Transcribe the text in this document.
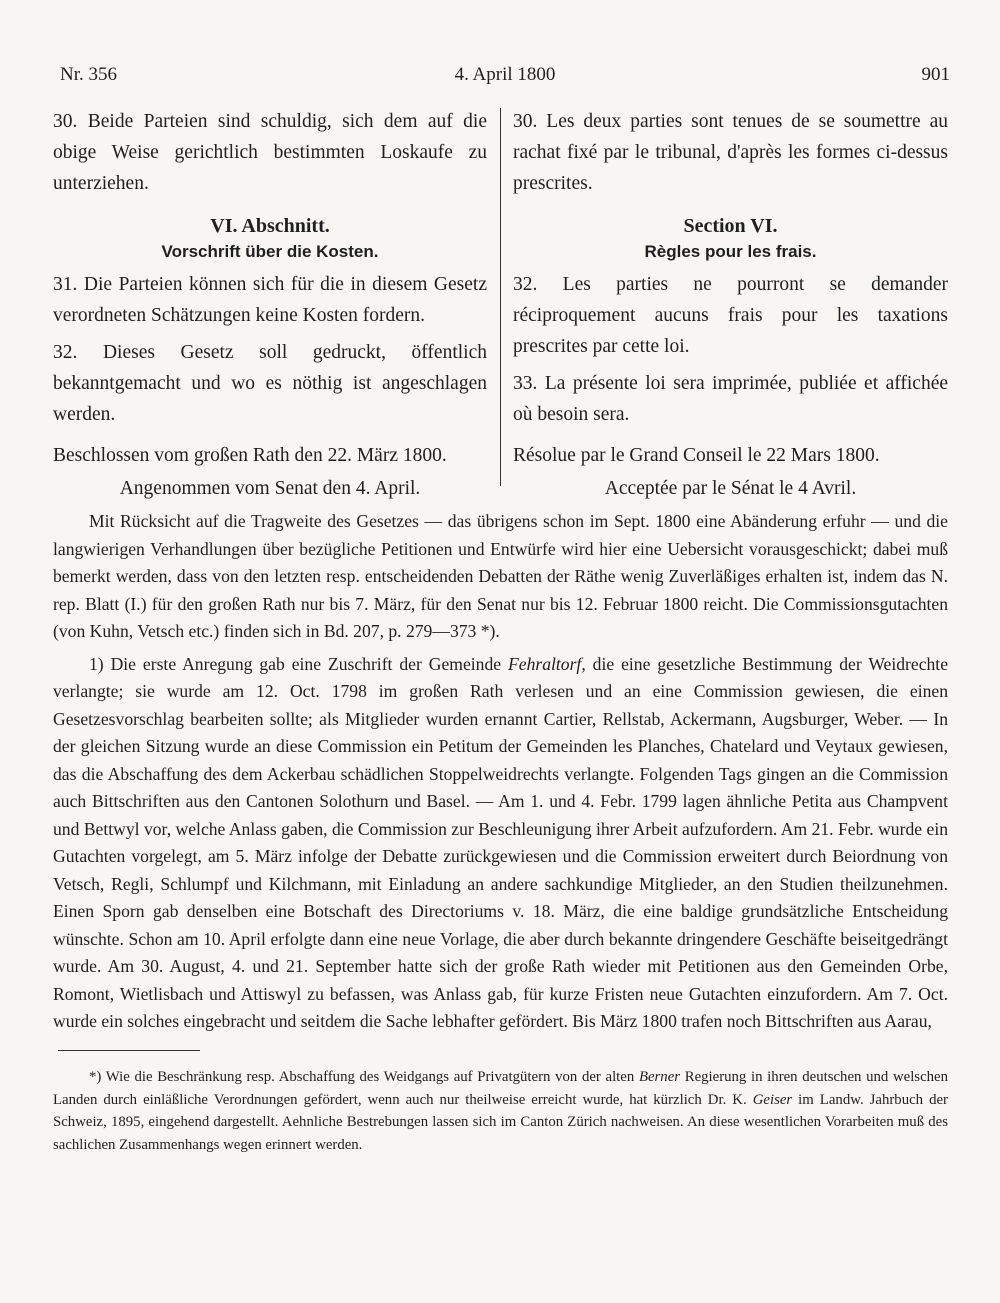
Nr. 356	4. April 1800	901

30. Beide Parteien sind schuldig, sich dem auf die obige Weise gerichtlich bestimmten Loskaufe zu unterziehen.

VI. Abschnitt.
Vorschrift über die Kosten.

31. Die Parteien können sich für die in diesem Gesetz verordneten Schätzungen keine Kosten fordern.

32. Dieses Gesetz soll gedruckt, öffentlich bekanntgemacht und wo es nöthig ist angeschlagen werden.

Beschlossen vom großen Rath den 22. März 1800.

Angenommen vom Senat den 4. April.

30. Les deux parties sont tenues de se soumettre au rachat fixé par le tribunal, d'après les formes ci-dessus prescrites.

Section VI.
Règles pour les frais.

32. Les parties ne pourront se demander réciproquement aucuns frais pour les taxations prescrites par cette loi.

33. La présente loi sera imprimée, publiée et affichée où besoin sera.

Résolue par le Grand Conseil le 22 Mars 1800.

Acceptée par le Sénat le 4 Avril.

Mit Rücksicht auf die Tragweite des Gesetzes — das übrigens schon im Sept. 1800 eine Abänderung erfuhr — und die langwierigen Verhandlungen über bezügliche Petitionen und Entwürfe wird hier eine Uebersicht vorausgeschickt; dabei muß bemerkt werden, dass von den letzten resp. entscheidenden Debatten der Räthe wenig Zuverläßiges erhalten ist, indem das N. rep. Blatt (I.) für den großen Rath nur bis 7. März, für den Senat nur bis 12. Februar 1800 reicht. Die Commissionsgutachten (von Kuhn, Vetsch etc.) finden sich in Bd. 207, p. 279—373 *).

1) Die erste Anregung gab eine Zuschrift der Gemeinde Fehraltorf, die eine gesetzliche Bestimmung der Weidrechte verlangte; sie wurde am 12. Oct. 1798 im großen Rath verlesen und an eine Commission gewiesen, die einen Gesetzesvorschlag bearbeiten sollte; als Mitglieder wurden ernannt Cartier, Rellstab, Ackermann, Augsburger, Weber. — In der gleichen Sitzung wurde an diese Commission ein Petitum der Gemeinden les Planches, Chatelard und Veytaux gewiesen, das die Abschaffung des dem Ackerbau schädlichen Stoppelweidrechts verlangte. Folgenden Tags gingen an die Commission auch Bittschriften aus den Cantonen Solothurn und Basel. — Am 1. und 4. Febr. 1799 lagen ähnliche Petita aus Champvent und Bettwyl vor, welche Anlass gaben, die Commission zur Beschleunigung ihrer Arbeit aufzufordern. Am 21. Febr. wurde ein Gutachten vorgelegt, am 5. März infolge der Debatte zurückgewiesen und die Commission erweitert durch Beiordnung von Vetsch, Regli, Schlumpf und Kilchmann, mit Einladung an andere sachkundige Mitglieder, an den Studien theilzunehmen. Einen Sporn gab denselben eine Botschaft des Directoriums v. 18. März, die eine baldige grundsätzliche Entscheidung wünschte. Schon am 10. April erfolgte dann eine neue Vorlage, die aber durch bekannte dringendere Geschäfte beiseitgedrängt wurde. Am 30. August, 4. und 21. September hatte sich der große Rath wieder mit Petitionen aus den Gemeinden Orbe, Romont, Wietlisbach und Attiswyl zu befassen, was Anlass gab, für kurze Fristen neue Gutachten einzufordern. Am 7. Oct. wurde ein solches eingebracht und seitdem die Sache lebhafter gefördert. Bis März 1800 trafen noch Bittschriften aus Aarau,

*) Wie die Beschränkung resp. Abschaffung des Weidgangs auf Privatgütern von der alten Berner Regierung in ihren deutschen und welschen Landen durch einläßliche Verordnungen gefördert, wenn auch nur theilweise erreicht wurde, hat kürzlich Dr. K. Geiser im Landw. Jahrbuch der Schweiz, 1895, eingehend dargestellt. Aehnliche Bestrebungen lassen sich im Canton Zürich nachweisen. An diese wesentlichen Vorarbeiten muß des sachlichen Zusammenhangs wegen erinnert werden.
